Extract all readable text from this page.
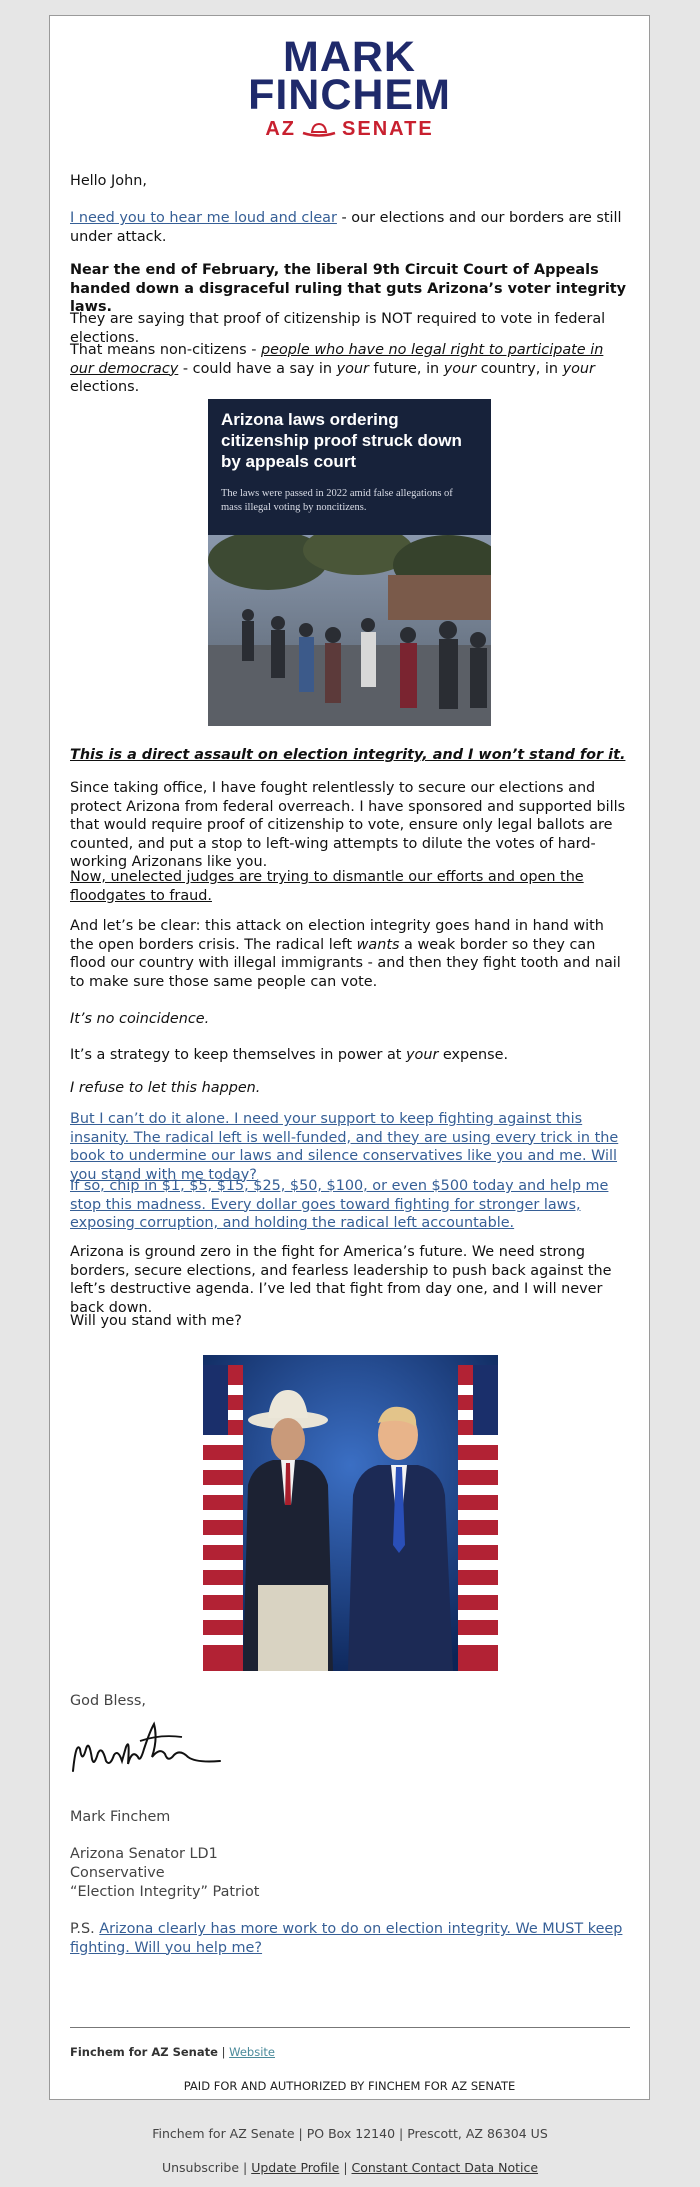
MARK
FINCHEM
AZ SENATE

Hello John,

I need you to hear me loud and clear - our elections and our borders are still under attack.

Near the end of February, the liberal 9th Circuit Court of Appeals handed down a disgraceful ruling that guts Arizona’s voter integrity laws.

They are saying that proof of citizenship is NOT required to vote in federal elections.

That means non-citizens - people who have no legal right to participate in our democracy - could have a say in your future, in your country, in your elections.

This is a direct assault on election integrity, and I won’t stand for it.

Since taking office, I have fought relentlessly to secure our elections and protect Arizona from federal overreach. I have sponsored and supported bills that would require proof of citizenship to vote, ensure only legal ballots are counted, and put a stop to left-wing attempts to dilute the votes of hard-working Arizonans like you.

Now, unelected judges are trying to dismantle our efforts and open the floodgates to fraud.

And let’s be clear: this attack on election integrity goes hand in hand with the open borders crisis. The radical left wants a weak border so they can flood our country with illegal immigrants - and then they fight tooth and nail to make sure those same people can vote.

It’s no coincidence.

It’s a strategy to keep themselves in power at your expense.

I refuse to let this happen.

But I can’t do it alone. I need your support to keep fighting against this insanity. The radical left is well-funded, and they are using every trick in the book to undermine our laws and silence conservatives like you and me. Will you stand with me today?

If so, chip in $1, $5, $15, $25, $50, $100, or even $500 today and help me stop this madness. Every dollar goes toward fighting for stronger laws, exposing corruption, and holding the radical left accountable.

Arizona is ground zero in the fight for America’s future. We need strong borders, secure elections, and fearless leadership to push back against the left’s destructive agenda. I’ve led that fight from day one, and I will never back down.

Will you stand with me?

God Bless,

Mark Finchem

Arizona Senator LD1

Conservative

“Election Integrity” Patriot

P.S. Arizona clearly has more work to do on election integrity. We MUST keep fighting. Will you help me?

Arizona laws ordering citizenship proof struck down by appeals court
The laws were passed in 2022 amid false allegations of mass illegal voting by noncitizens.
Finchem for AZ Senate | Website
PAID FOR AND AUTHORIZED BY FINCHEM FOR AZ SENATE
Finchem for AZ Senate | PO Box 12140 | Prescott, AZ 86304 US
Unsubscribe | Update Profile | Constant Contact Data Notice
